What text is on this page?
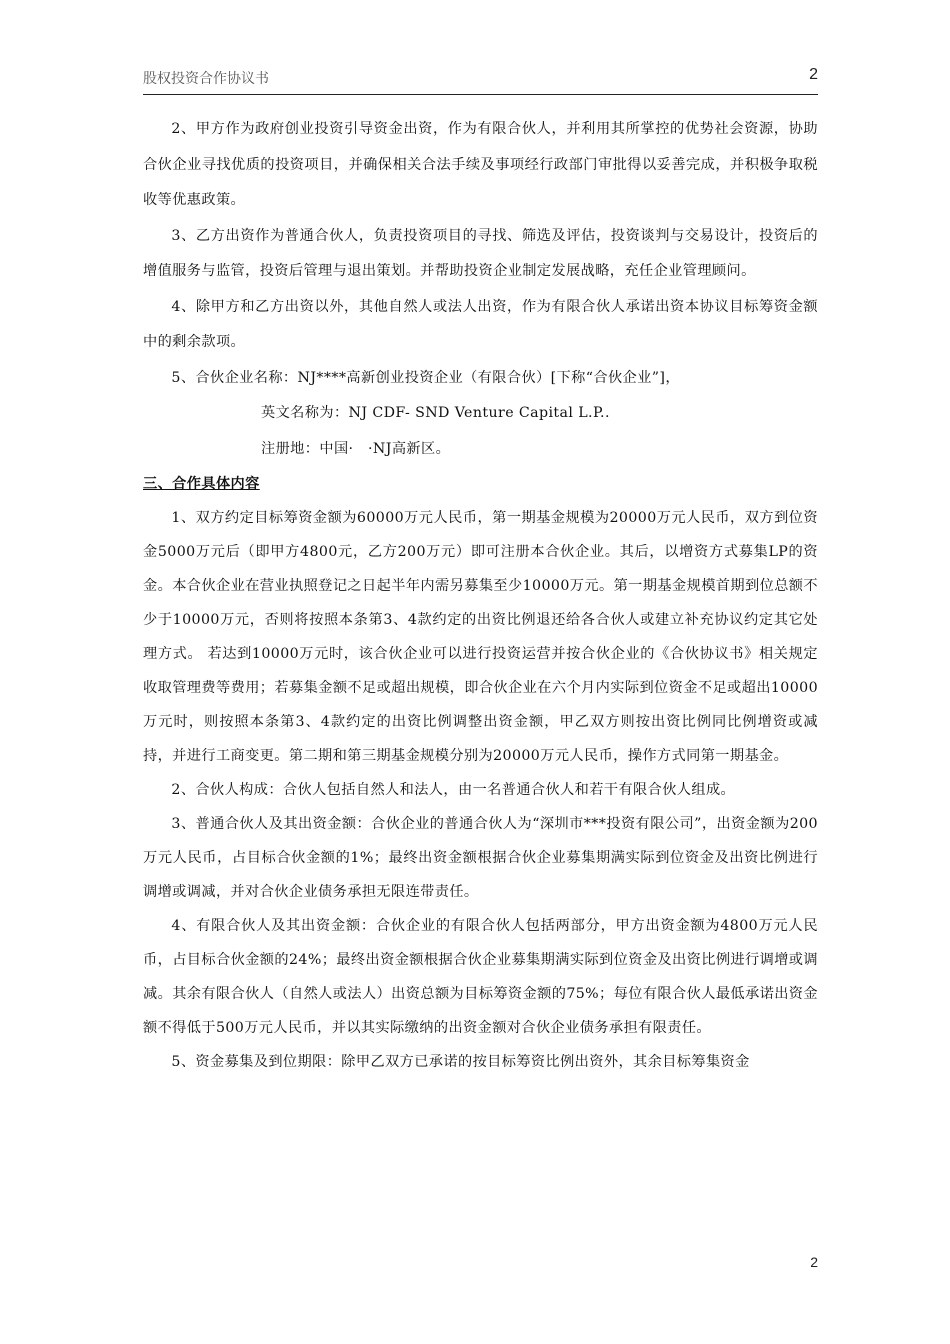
股权投资合作协议书	2

2、甲方作为政府创业投资引导资金出资，作为有限合伙人，并利用其所掌控的优势社会资源，协助合伙企业寻找优质的投资项目，并确保相关合法手续及事项经行政部门审批得以妥善完成，并积极争取税收等优惠政策。

3、乙方出资作为普通合伙人，负责投资项目的寻找、筛选及评估，投资谈判与交易设计，投资后的增值服务与监管，投资后管理与退出策划。并帮助投资企业制定发展战略，充任企业管理顾问。

4、除甲方和乙方出资以外，其他自然人或法人出资，作为有限合伙人承诺出资本协议目标筹资金额中的剩余款项。

5、合伙企业名称：NJ****高新创业投资企业（有限合伙）[下称“合伙企业”]，

英文名称为：NJ CDF- SND Venture Capital L.P..

注册地：中国·　·NJ高新区。

三、合作具体内容

1、双方约定目标筹资金额为60000万元人民币，第一期基金规模为20000万元人民币，双方到位资金5000万元后（即甲方4800元，乙方200万元）即可注册本合伙企业。其后，以增资方式募集LP的资金。本合伙企业在营业执照登记之日起半年内需另募集至少10000万元。第一期基金规模首期到位总额不少于10000万元，否则将按照本条第3、4款约定的出资比例退还给各合伙人或建立补充协议约定其它处理方式。 若达到10000万元时，该合伙企业可以进行投资运营并按合伙企业的《合伙协议书》相关规定收取管理费等费用；若募集金额不足或超出规模，即合伙企业在六个月内实际到位资金不足或超出10000万元时，则按照本条第3、4款约定的出资比例调整出资金额，甲乙双方则按出资比例同比例增资或减持，并进行工商变更。第二期和第三期基金规模分别为20000万元人民币，操作方式同第一期基金。

2、合伙人构成：合伙人包括自然人和法人，由一名普通合伙人和若干有限合伙人组成。

3、普通合伙人及其出资金额：合伙企业的普通合伙人为“深圳市***投资有限公司”，出资金额为200万元人民币，占目标合伙金额的1%；最终出资金额根据合伙企业募集期满实际到位资金及出资比例进行调增或调减，并对合伙企业债务承担无限连带责任。

4、有限合伙人及其出资金额：合伙企业的有限合伙人包括两部分，甲方出资金额为4800万元人民币，占目标合伙金额的24%；最终出资金额根据合伙企业募集期满实际到位资金及出资比例进行调增或调减。其余有限合伙人（自然人或法人）出资总额为目标筹资金额的75%；每位有限合伙人最低承诺出资金额不得低于500万元人民币，并以其实际缴纳的出资金额对合伙企业债务承担有限责任。

5、资金募集及到位期限：除甲乙双方已承诺的按目标筹资比例出资外，其余目标筹集资金

2
